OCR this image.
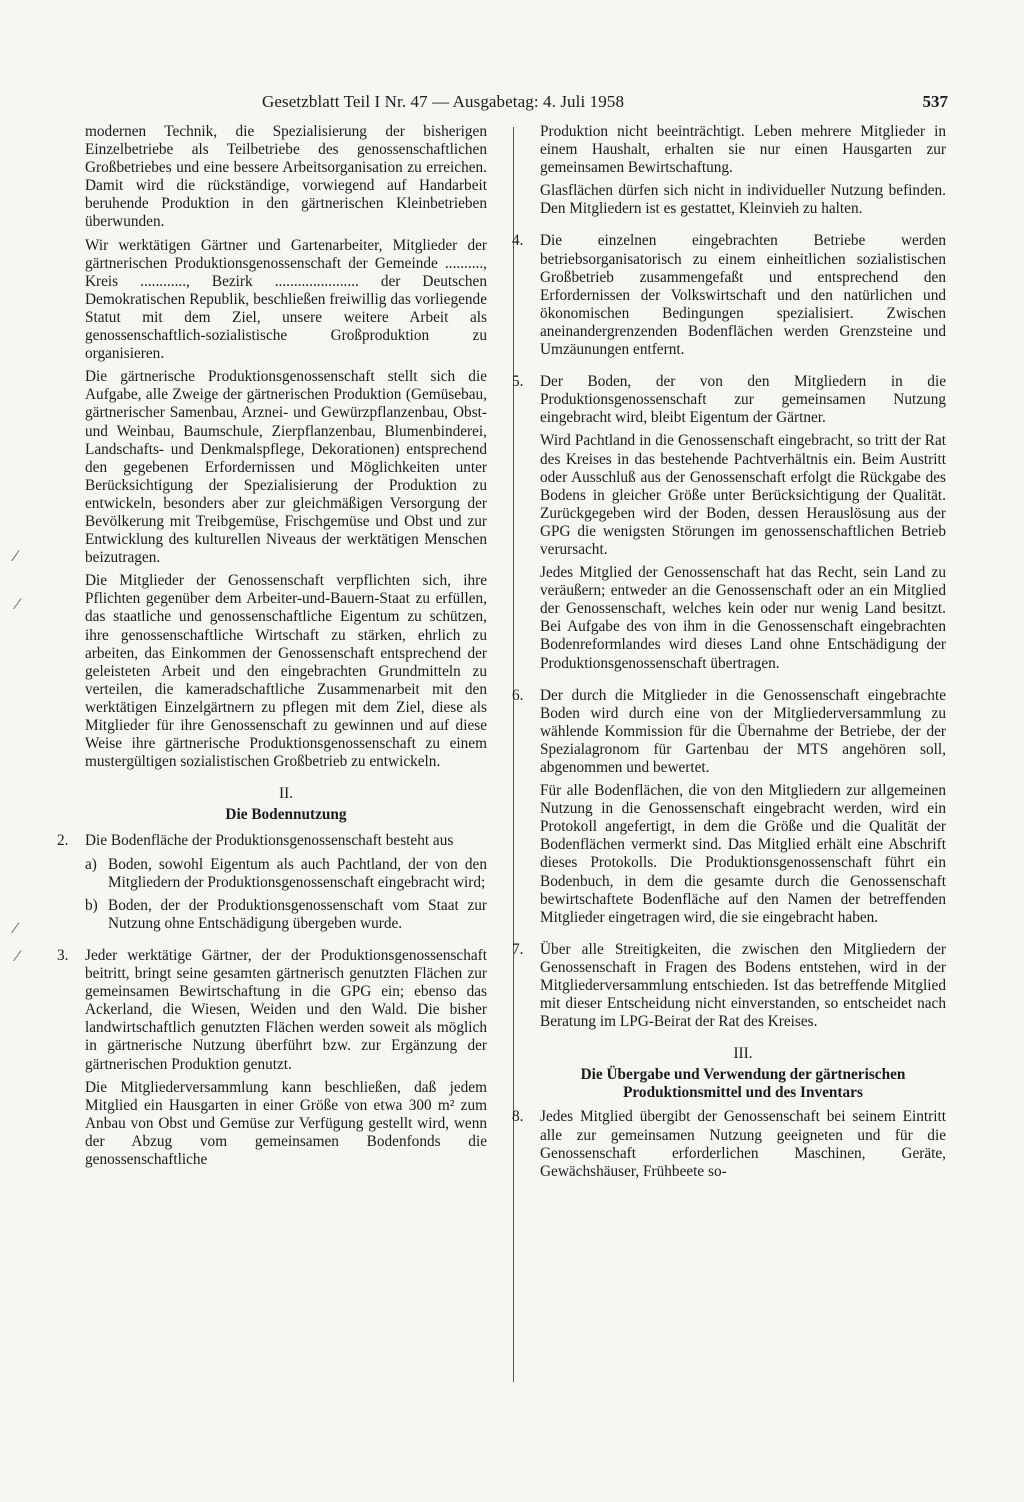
Gesetzblatt Teil I Nr. 47 — Ausgabetag: 4. Juli 1958	537
⁄
⁄
⁄
⁄

modernen Technik, die Spezialisierung der bisherigen Einzelbetriebe als Teilbetriebe des genossenschaftlichen Großbetriebes und eine bessere Arbeitsorganisation zu erreichen. Damit wird die rückständige, vorwiegend auf Handarbeit beruhende Produktion in den gärtnerischen Kleinbetrieben überwunden.

Wir werktätigen Gärtner und Gartenarbeiter, Mitglieder der gärtnerischen Produktionsgenossenschaft der Gemeinde .........., Kreis ............, Bezirk ...................... der Deutschen Demokratischen Republik, beschließen freiwillig das vorliegende Statut mit dem Ziel, unsere weitere Arbeit als genossenschaftlich-sozialistische Großproduktion zu organisieren.

Die gärtnerische Produktionsgenossenschaft stellt sich die Aufgabe, alle Zweige der gärtnerischen Produktion (Gemüsebau, gärtnerischer Samenbau, Arznei- und Gewürzpflanzenbau, Obst- und Weinbau, Baumschule, Zierpflanzenbau, Blumenbinderei, Landschafts- und Denkmalspflege, Dekorationen) entsprechend den gegebenen Erfordernissen und Möglichkeiten unter Berücksichtigung der Spezialisierung der Produktion zu entwickeln, besonders aber zur gleichmäßigen Versorgung der Bevölkerung mit Treibgemüse, Frischgemüse und Obst und zur Entwicklung des kulturellen Niveaus der werktätigen Menschen beizutragen.

Die Mitglieder der Genossenschaft verpflichten sich, ihre Pflichten gegenüber dem Arbeiter-und-Bauern-Staat zu erfüllen, das staatliche und genossenschaftliche Eigentum zu schützen, ihre genossenschaftliche Wirtschaft zu stärken, ehrlich zu arbeiten, das Einkommen der Genossenschaft entsprechend der geleisteten Arbeit und den eingebrachten Grundmitteln zu verteilen, die kameradschaftliche Zusammenarbeit mit den werktätigen Einzelgärtnern zu pflegen mit dem Ziel, diese als Mitglieder für ihre Genossenschaft zu gewinnen und auf diese Weise ihre gärtnerische Produktionsgenossenschaft zu einem mustergültigen sozialistischen Großbetrieb zu entwickeln.

II.
Die Bodennutzung
2. Die Bodenfläche der Produktionsgenossenschaft besteht aus

a) Boden, sowohl Eigentum als auch Pachtland, der von den Mitgliedern der Produktionsgenossenschaft eingebracht wird;

b) Boden, der der Produktionsgenossenschaft vom Staat zur Nutzung ohne Entschädigung übergeben wurde.

3. Jeder werktätige Gärtner, der der Produktionsgenossenschaft beitritt, bringt seine gesamten gärtnerisch genutzten Flächen zur gemeinsamen Bewirtschaftung in die GPG ein; ebenso das Ackerland, die Wiesen, Weiden und den Wald. Die bisher landwirtschaftlich genutzten Flächen werden soweit als möglich in gärtnerische Nutzung überführt bzw. zur Ergänzung der gärtnerischen Produktion genutzt.

Die Mitgliederversammlung kann beschließen, daß jedem Mitglied ein Hausgarten in einer Größe von etwa 300 m² zum Anbau von Obst und Gemüse zur Verfügung gestellt wird, wenn der Abzug vom gemeinsamen Bodenfonds die genossenschaftliche

Produktion nicht beeinträchtigt. Leben mehrere Mitglieder in einem Haushalt, erhalten sie nur einen Hausgarten zur gemeinsamen Bewirtschaftung.

Glasflächen dürfen sich nicht in individueller Nutzung befinden. Den Mitgliedern ist es gestattet, Kleinvieh zu halten.

4. Die einzelnen eingebrachten Betriebe werden betriebsorganisatorisch zu einem einheitlichen sozialistischen Großbetrieb zusammengefaßt und entsprechend den Erfordernissen der Volkswirtschaft und den natürlichen und ökonomischen Bedingungen spezialisiert. Zwischen aneinandergrenzenden Bodenflächen werden Grenzsteine und Umzäunungen entfernt.

5. Der Boden, der von den Mitgliedern in die Produktionsgenossenschaft zur gemeinsamen Nutzung eingebracht wird, bleibt Eigentum der Gärtner.

Wird Pachtland in die Genossenschaft eingebracht, so tritt der Rat des Kreises in das bestehende Pachtverhältnis ein. Beim Austritt oder Ausschluß aus der Genossenschaft erfolgt die Rückgabe des Bodens in gleicher Größe unter Berücksichtigung der Qualität. Zurückgegeben wird der Boden, dessen Herauslösung aus der GPG die wenigsten Störungen im genossenschaftlichen Betrieb verursacht.

Jedes Mitglied der Genossenschaft hat das Recht, sein Land zu veräußern; entweder an die Genossenschaft oder an ein Mitglied der Genossenschaft, welches kein oder nur wenig Land besitzt. Bei Aufgabe des von ihm in die Genossenschaft eingebrachten Bodenreformlandes wird dieses Land ohne Entschädigung der Produktionsgenossenschaft übertragen.

6. Der durch die Mitglieder in die Genossenschaft eingebrachte Boden wird durch eine von der Mitgliederversammlung zu wählende Kommission für die Übernahme der Betriebe, der der Spezialagronom für Gartenbau der MTS angehören soll, abgenommen und bewertet.

Für alle Bodenflächen, die von den Mitgliedern zur allgemeinen Nutzung in die Genossenschaft eingebracht werden, wird ein Protokoll angefertigt, in dem die Größe und die Qualität der Bodenflächen vermerkt sind. Das Mitglied erhält eine Abschrift dieses Protokolls. Die Produktionsgenossenschaft führt ein Bodenbuch, in dem die gesamte durch die Genossenschaft bewirtschaftete Bodenfläche auf den Namen der betreffenden Mitglieder eingetragen wird, die sie eingebracht haben.

7. Über alle Streitigkeiten, die zwischen den Mitgliedern der Genossenschaft in Fragen des Bodens entstehen, wird in der Mitgliederversammlung entschieden. Ist das betreffende Mitglied mit dieser Entscheidung nicht einverstanden, so entscheidet nach Beratung im LPG-Beirat der Rat des Kreises.

III.
Die Übergabe und Verwendung der gärtnerischen
Produktionsmittel und des Inventars
8. Jedes Mitglied übergibt der Genossenschaft bei seinem Eintritt alle zur gemeinsamen Nutzung geeigneten und für die Genossenschaft erforderlichen Maschinen, Geräte, Gewächshäuser, Frühbeete so-
